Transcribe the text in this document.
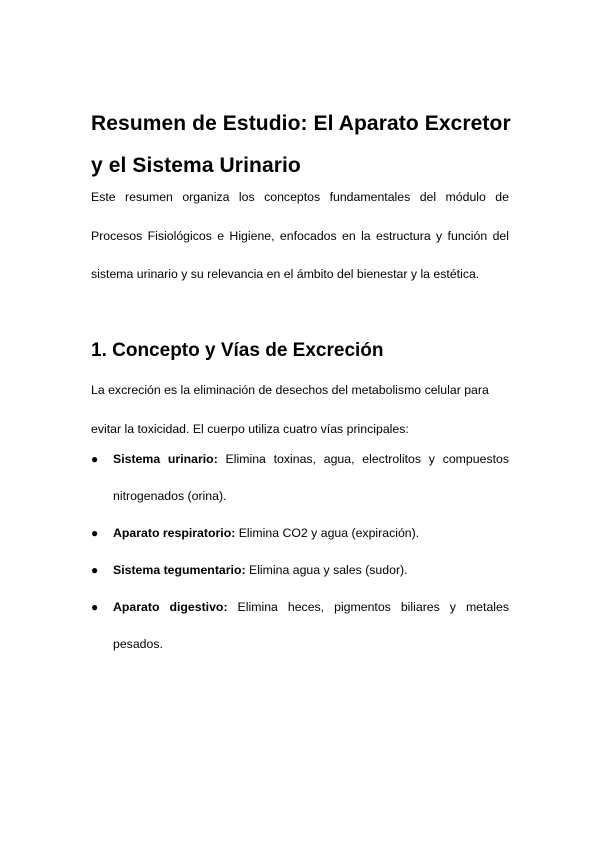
Resumen de Estudio: El Aparato Excretor y el Sistema Urinario

Este resumen organiza los conceptos fundamentales del módulo de Procesos Fisiológicos e Higiene, enfocados en la estructura y función del sistema urinario y su relevancia en el ámbito del bienestar y la estética.

1. Concepto y Vías de Excreción

La excreción es la eliminación de desechos del metabolismo celular para evitar la toxicidad. El cuerpo utiliza cuatro vías principales:

● Sistema urinario: Elimina toxinas, agua, electrolitos y compuestos nitrogenados (orina).
● Aparato respiratorio: Elimina CO2 y agua (expiración).
● Sistema tegumentario: Elimina agua y sales (sudor).
● Aparato digestivo: Elimina heces, pigmentos biliares y metales pesados.
